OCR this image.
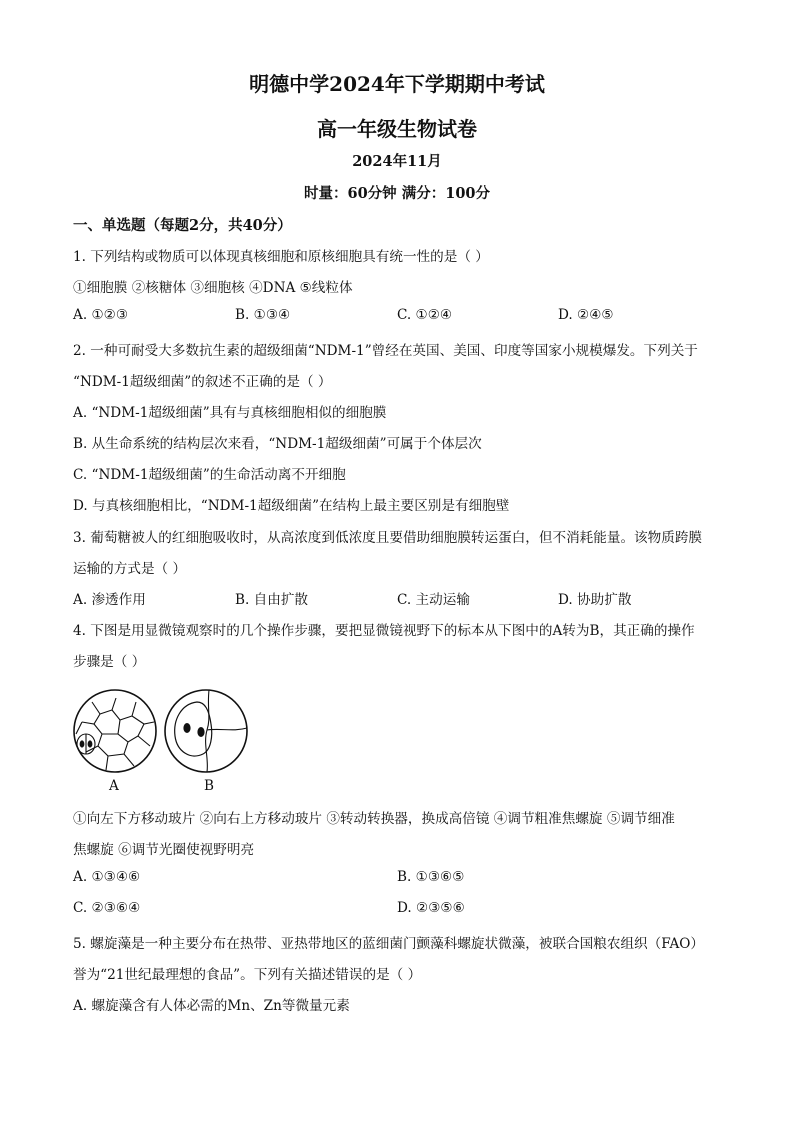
明德中学2024年下学期期中考试
高一年级生物试卷
2024年11月
时量：60分钟 满分：100分
一、单选题（每题2分，共40分）
1. 下列结构或物质可以体现真核细胞和原核细胞具有统一性的是（ ）
①细胞膜 ②核糖体 ③细胞核 ④DNA ⑤线粒体
A. ①②③	B. ①③④	C. ①②④	D. ②④⑤
2. 一种可耐受大多数抗生素的超级细菌“NDM-1”曾经在英国、美国、印度等国家小规模爆发。下列关于
“NDM-1超级细菌”的叙述不正确的是（ ）
A. “NDM-1超级细菌”具有与真核细胞相似的细胞膜
B. 从生命系统的结构层次来看，“NDM-1超级细菌”可属于个体层次
C. “NDM-1超级细菌”的生命活动离不开细胞
D. 与真核细胞相比，“NDM-1超级细菌”在结构上最主要区别是有细胞壁
3. 葡萄糖被人的红细胞吸收时，从高浓度到低浓度且要借助细胞膜转运蛋白，但不消耗能量。该物质跨膜
运输的方式是（ ）
A. 渗透作用	B. 自由扩散	C. 主动运输	D. 协助扩散
4. 下图是用显微镜观察时的几个操作步骤，要把显微镜视野下的标本从下图中的A转为B，其正确的操作
步骤是（ ）
A	B
①向左下方移动玻片 ②向右上方移动玻片 ③转动转换器，换成高倍镜 ④调节粗准焦螺旋 ⑤调节细准
焦螺旋 ⑥调节光圈使视野明亮
A. ①③④⑥	B. ①③⑥⑤
C. ②③⑥④	D. ②③⑤⑥
5. 螺旋藻是一种主要分布在热带、亚热带地区的蓝细菌门颤藻科螺旋状微藻，被联合国粮农组织（FAO）
誉为“21世纪最理想的食品”。下列有关描述错误的是（ ）
A. 螺旋藻含有人体必需的Mn、Zn等微量元素
